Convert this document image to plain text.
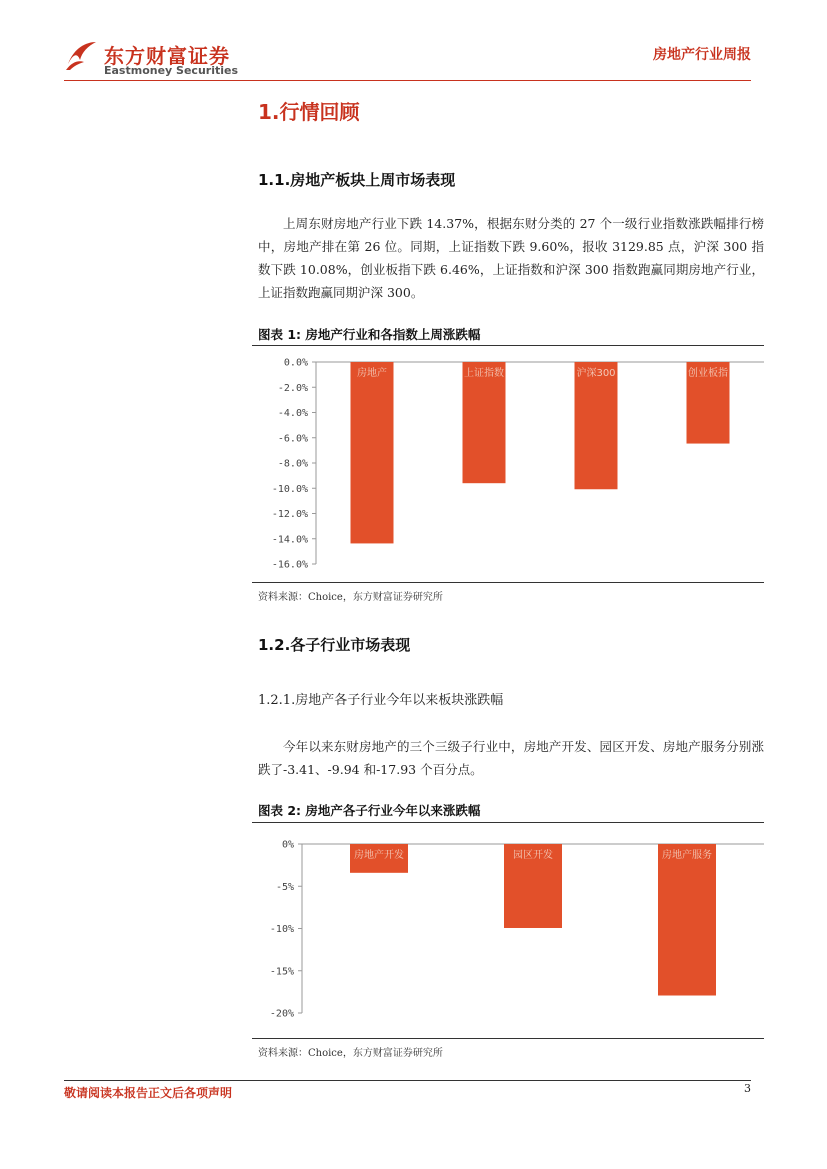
东方财富证券
Eastmoney Securities
房地产行业周报
1.行情回顾
1.1.房地产板块上周市场表现
上周东财房地产行业下跌 14.37%，根据东财分类的 27 个一级行业指数涨跌幅排行榜中，房地产排在第 26 位。同期，上证指数下跌 9.60%，报收 3129.85 点，沪深 300 指数下跌 10.08%，创业板指下跌 6.46%，上证指数和沪深 300 指数跑赢同期房地产行业，上证指数跑赢同期沪深 300。
图表 1: 房地产行业和各指数上周涨跌幅
0.0%
-2.0%
-4.0%
-6.0%
-8.0%
-10.0%
-12.0%
-14.0%
-16.0%
房地产	上证指数	沪深300	创业板指
资料来源：Choice，东方财富证券研究所
1.2.各子行业市场表现
1.2.1.房地产各子行业今年以来板块涨跌幅
今年以来东财房地产的三个三级子行业中，房地产开发、园区开发、房地产服务分别涨跌了-3.41、-9.94 和-17.93 个百分点。
图表 2: 房地产各子行业今年以来涨跌幅
0%
-5%
-10%
-15%
-20%
房地产开发	园区开发	房地产服务
资料来源：Choice，东方财富证券研究所
敬请阅读本报告正文后各项声明	3
